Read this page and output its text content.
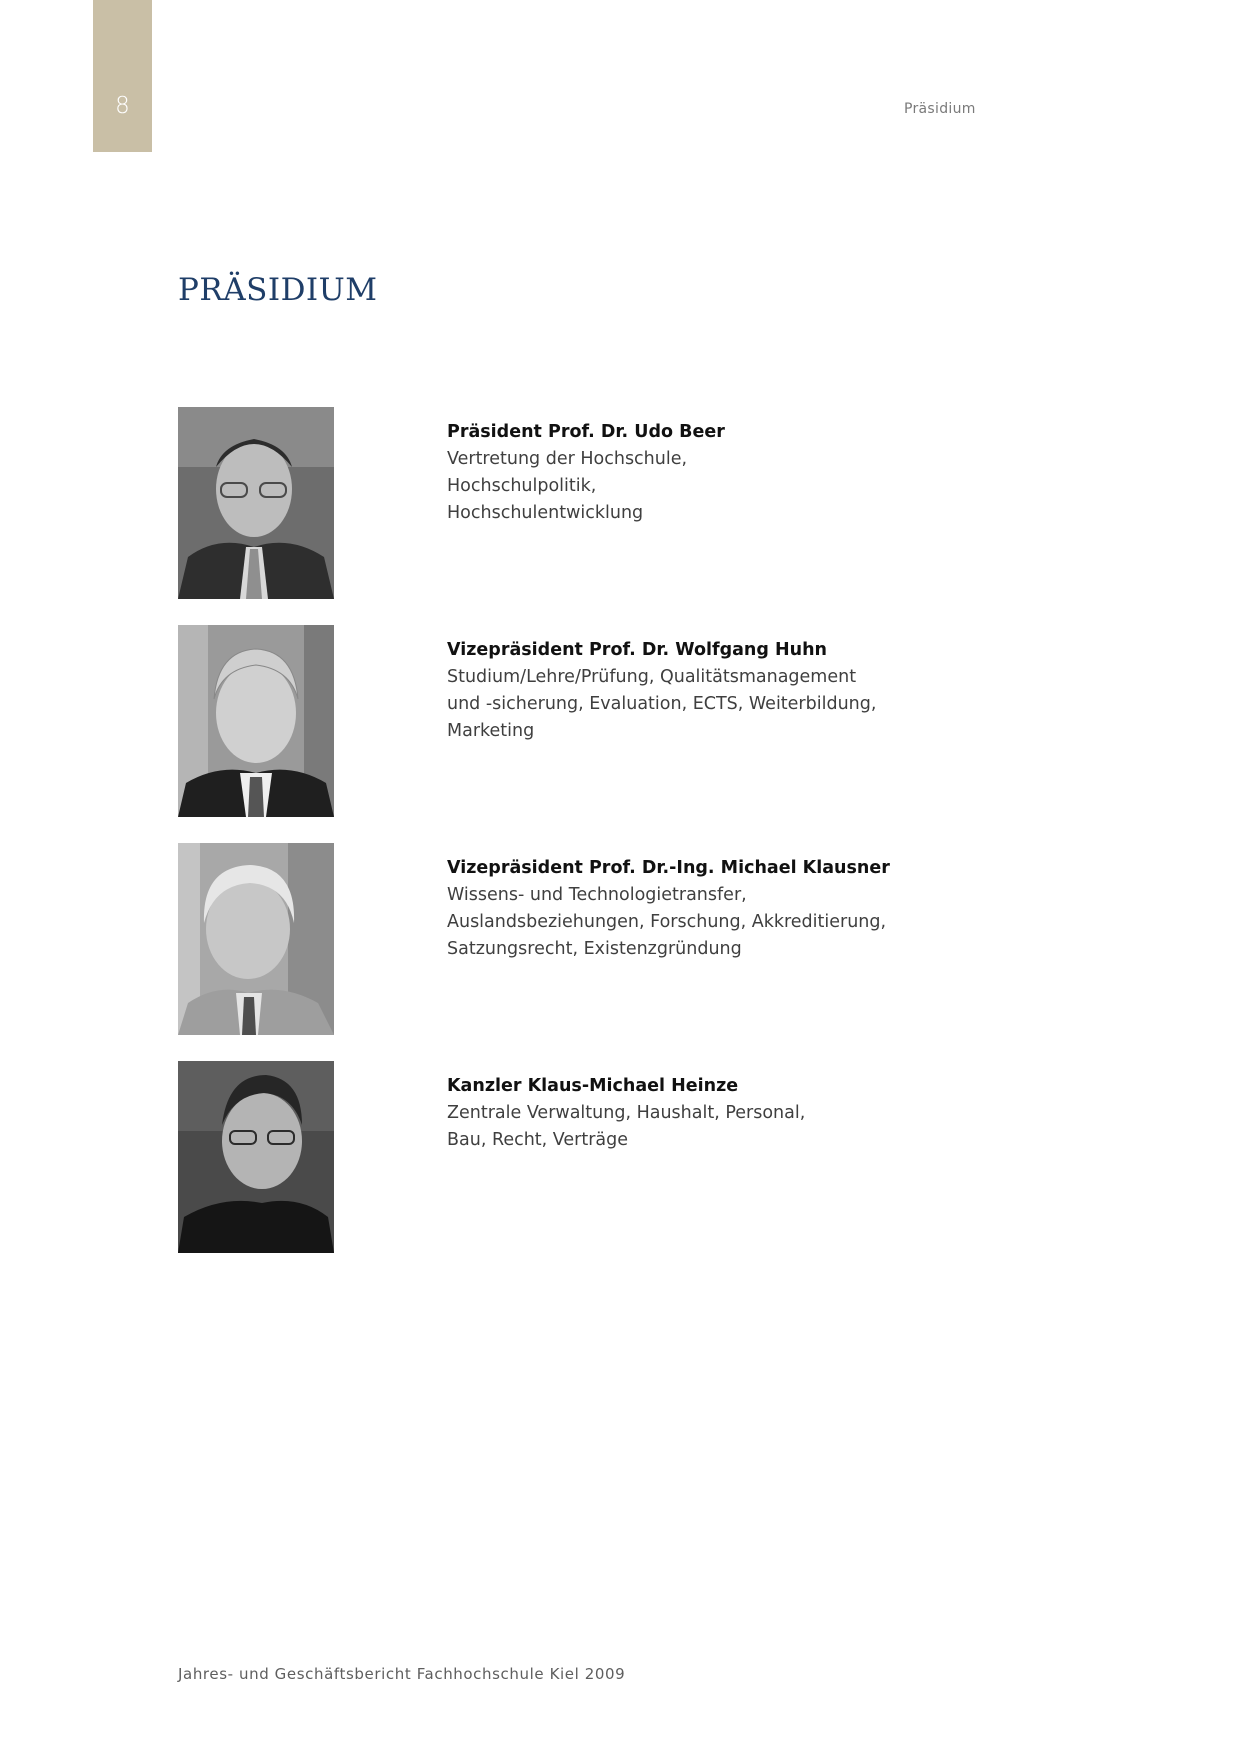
8	Präsidium
PRÄSIDIUM
Präsident Prof. Dr. Udo Beer
Vertretung der Hochschule,
Hochschulpolitik,
Hochschulentwicklung
Vizepräsident Prof. Dr. Wolfgang Huhn
Studium/Lehre/Prüfung, Qualitätsmanagement
und -sicherung, Evaluation, ECTS, Weiterbildung,
Marketing
Vizepräsident Prof. Dr.-Ing. Michael Klausner
Wissens- und Technologietransfer,
Auslandsbeziehungen, Forschung, Akkreditierung,
Satzungsrecht, Existenzgründung
Kanzler Klaus-Michael Heinze
Zentrale Verwaltung, Haushalt, Personal,
Bau, Recht, Verträge
Jahres- und Geschäftsbericht Fachhochschule Kiel 2009
